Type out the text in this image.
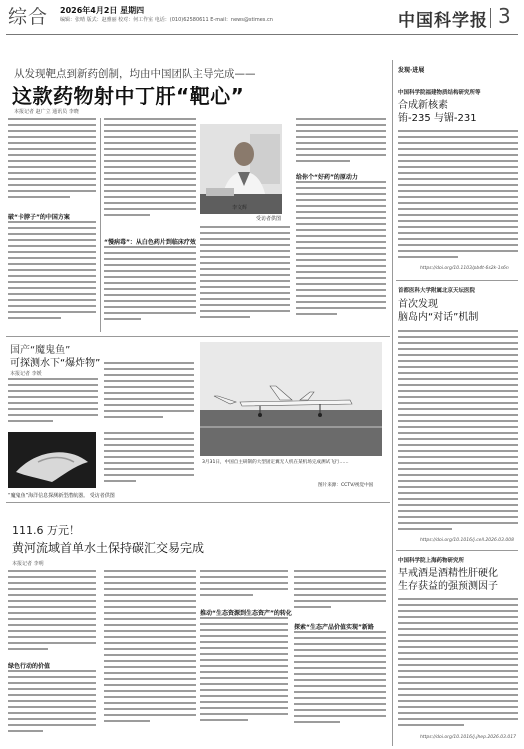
综合	2026年4月2日 星期四
编辑：张晴 版式：赵雅丽 校对：何工作室 电话：(010)62580611 E-mail：news@stimes.cn	中国科学报 3
从发现靶点到新药创制，均由中国团队主导完成——
这款药物射中丁肝“靶心”
本报记者 赵广立 通讯员 李晓
破“卡脖子”的中国方案
“慢病毒”：从白色药片到临床疗效
李文辉
受访者供图
给你个“好药”的原动力
国产“魔鬼鱼”
可探测水下“爆炸物”
本报记者 李媛
“魔鬼鱼”海洋信息探测新型潜航器。 受访者供图
3月31日，中国自主研制的大型固定翼无人机在某机场完成测试飞行……
图片来源：CCTV/视觉中国
111.6 万元！
黄河流域首单水土保持碳汇交易完成
本报记者 李明
绿色行动的价值
推动“生态资源到生态资产”的转化
探索“生态产品价值实现”新路
发现·进展
中国科学院福建物质结构研究所等
合成新核素
铕-235 与镅-231
https://doi.org/10.1103/pb4t-6s2k-1s6n
首都医科大学附属北京天坛医院
首次发现
脑岛内“对话”机制
https://doi.org/10.1016/j.cell.2026.03.008
中国科学院上海药物研究所
早戒酒是酒精性肝硬化
生存获益的强预测因子
https://doi.org/10.1016/j.jhep.2026.03.017
